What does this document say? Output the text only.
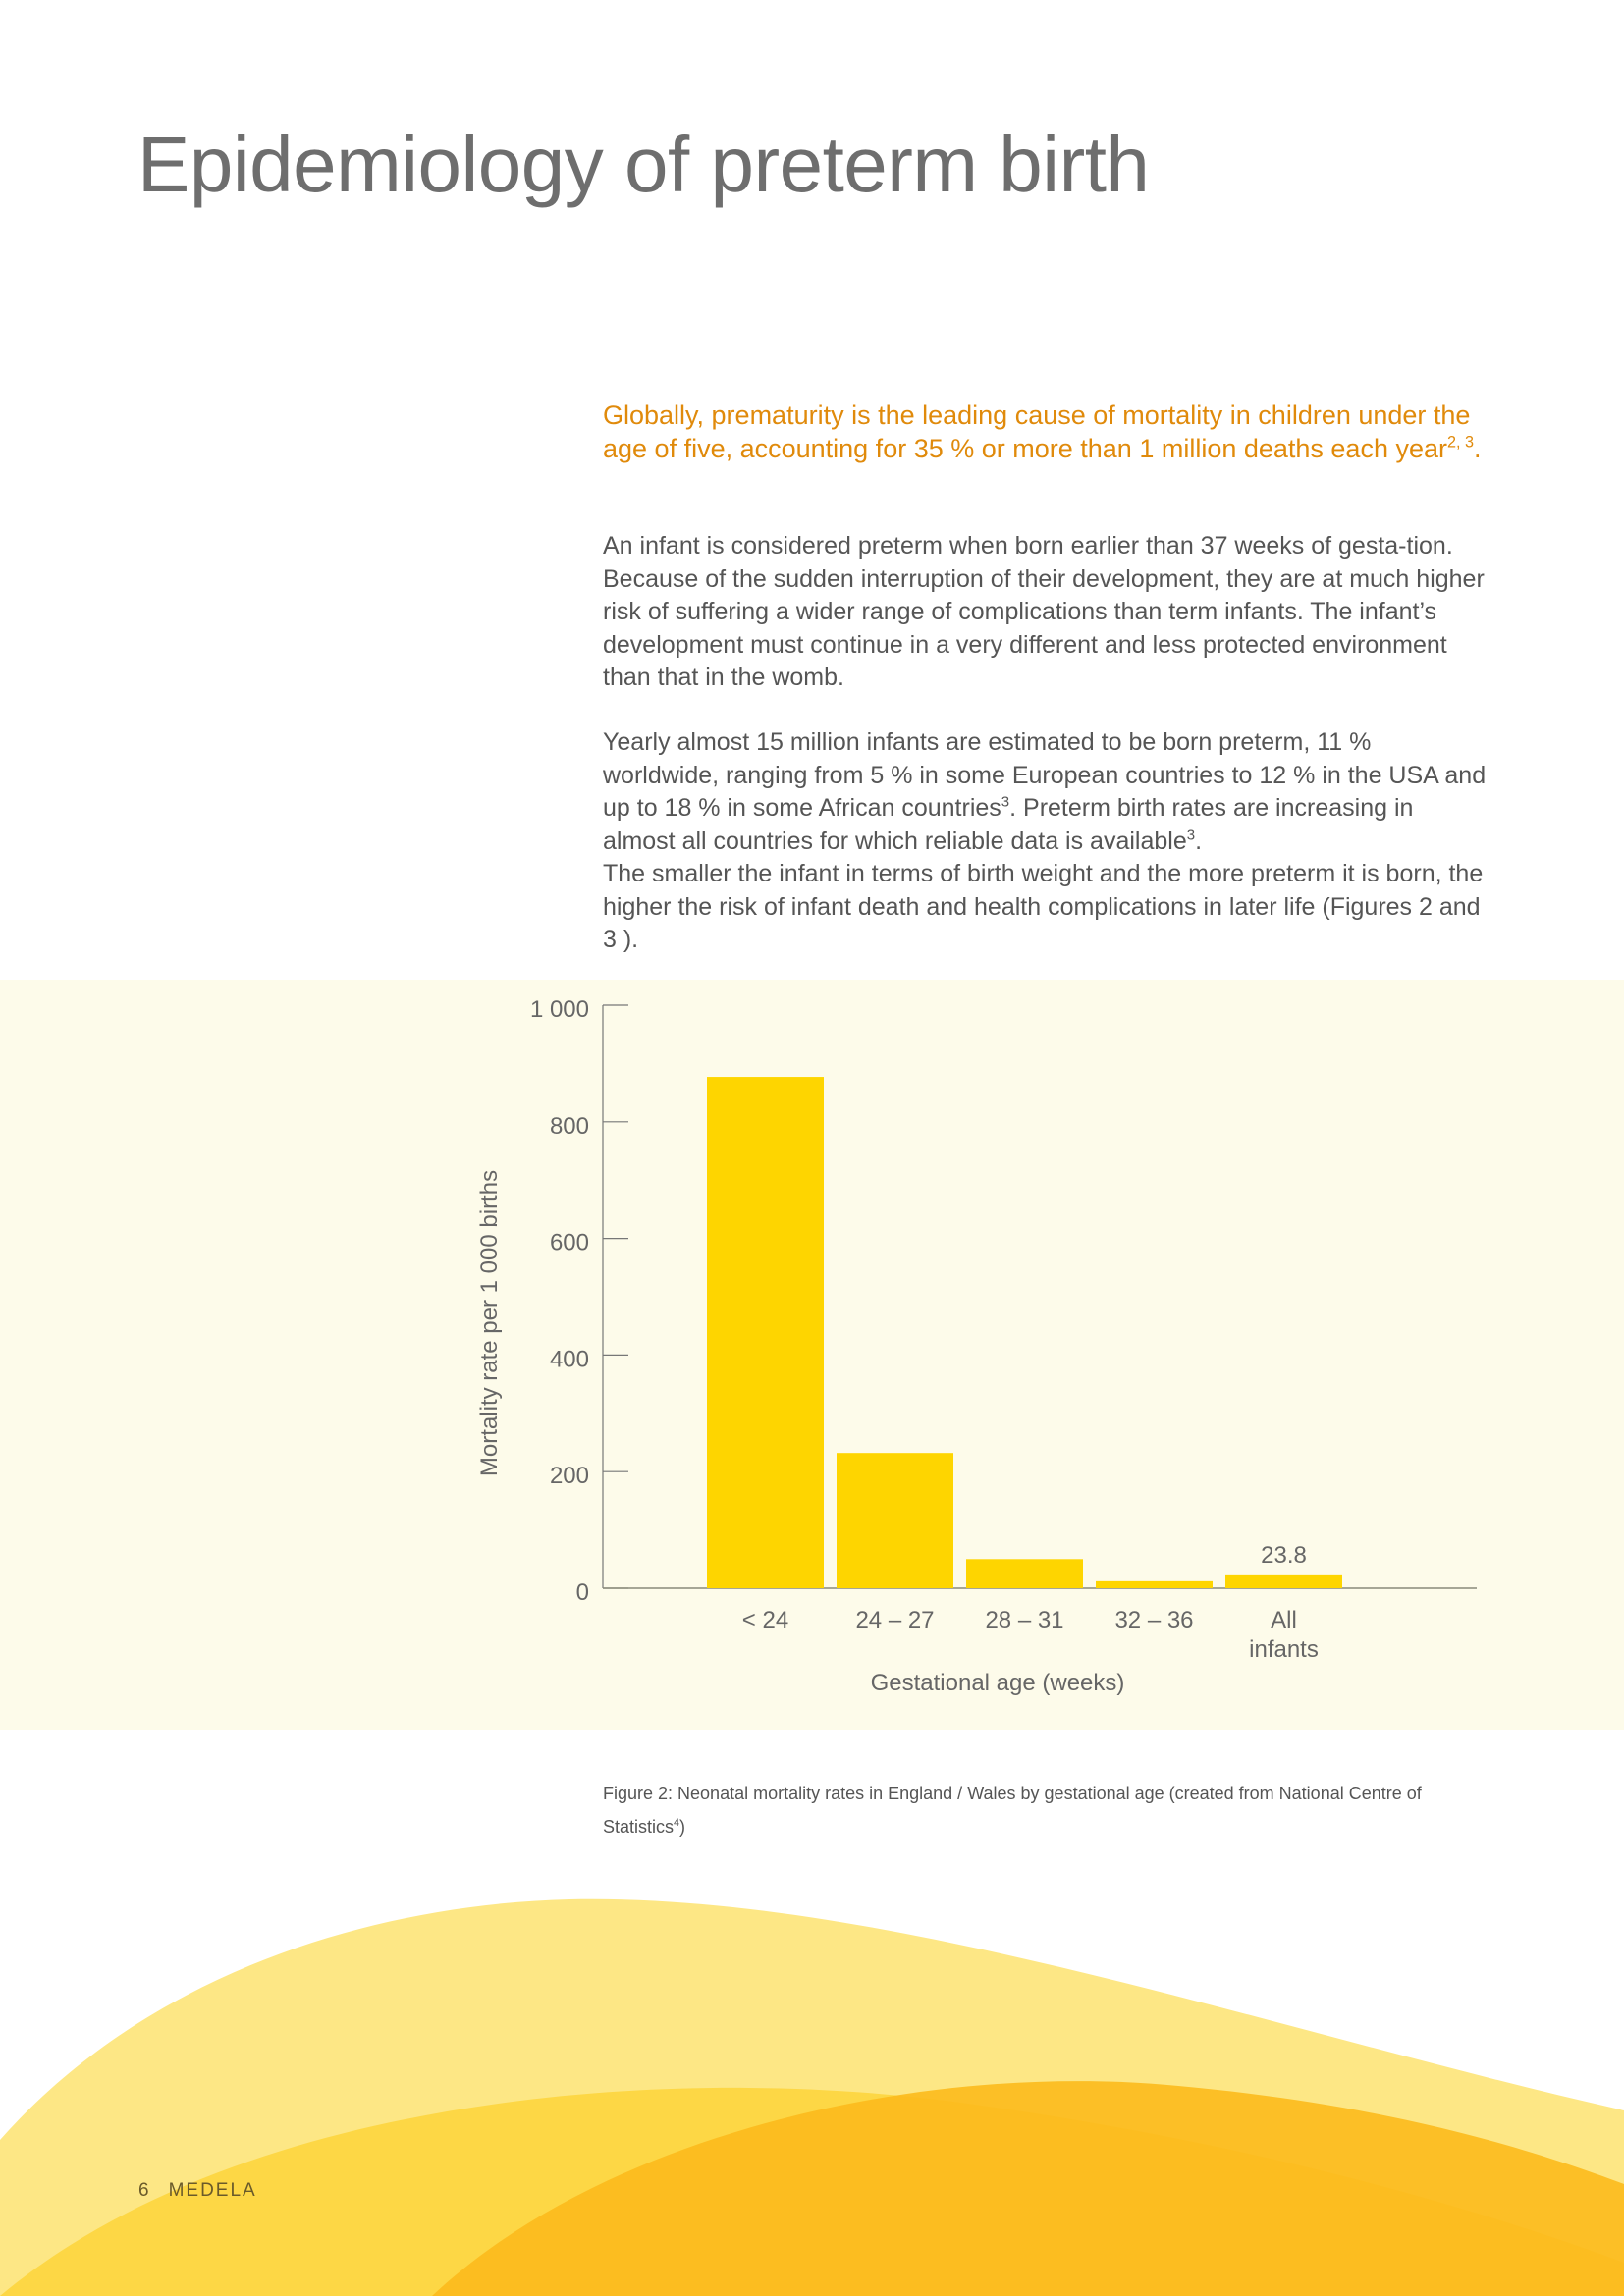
Epidemiology of preterm birth

Globally, prematurity is the leading cause of mortality in children under the age of five, accounting for 35 % or more than 1 million deaths each year$^{2, 3}$.

An infant is considered preterm when born earlier than 37 weeks of gesta-tion. Because of the sudden interruption of their development, they are at much higher risk of suffering a wider range of complications than term infants. The infant’s development must continue in a very different and less protected environment than that in the womb.

Yearly almost 15 million infants are estimated to be born preterm, 11 % worldwide, ranging from 5 % in some European countries to 12 % in the USA and up to 18 % in some African countries$^3$. Preterm birth rates are increasing in almost all countries for which reliable data is available$^3$.
The smaller the infant in terms of birth weight and the more preterm it is born, the higher the risk of infant death and health complications in later life (Figures 2 and 3 ).
0
200
400
600
800
1 000
< 24	24 – 27 28 – 31 32 – 36	All
infants
23.8
Mortality rate per 1 000 births
Gestational age (weeks)

Figure 2: Neonatal mortality rates in England / Wales by gestational age (created from National Centre of Statistics$^4$)

6 MEDELA
